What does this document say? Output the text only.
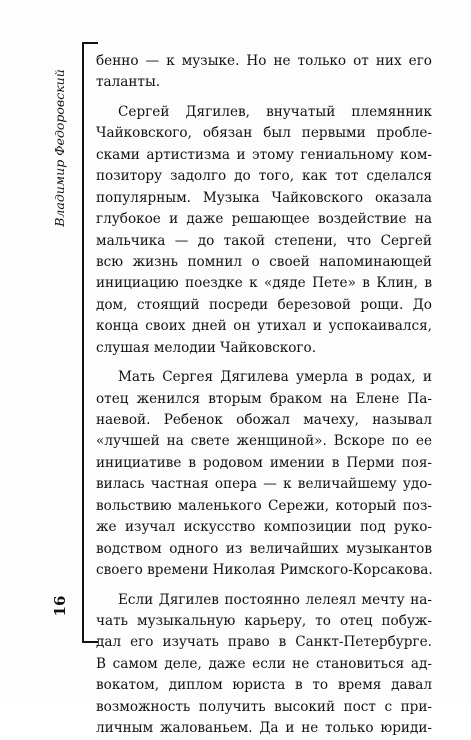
Владимир Федоровский
16
бенно — к музыке. Но не только от них его
таланты.
Сергей Дягилев, внучатый племянник
Чайковского, обязан был первыми пробле-
сками артистизма и этому гениальному ком-
позитору задолго до того, как тот сделался
популярным. Музыка Чайковского оказала
глубокое и даже решающее воздействие на
мальчика — до такой степени, что Сергей
всю жизнь помнил о своей напоминающей
инициацию поездке к «дяде Пете» в Клин, в
дом, стоящий посреди березовой рощи. До
конца своих дней он утихал и успокаивался,
слушая мелодии Чайковского.
Мать Сергея Дягилева умерла в родах, и
отец женился вторым браком на Елене Па-
наевой. Ребенок обожал мачеху, называл
«лучшей на свете женщиной». Вскоре по ее
инициативе в родовом имении в Перми поя-
вилась частная опера — к величайшему удо-
вольствию маленького Сережи, который поз-
же изучал искусство композиции под руко-
водством одного из величайших музыкантов
своего времени Николая Римского-Корсакова.
Если Дягилев постоянно лелеял мечту на-
чать музыкальную карьеру, то отец побуж-
дал его изучать право в Санкт-Петербурге.
В самом деле, даже если не становиться ад-
вокатом, диплом юриста в то время давал
возможность получить высокий пост с при-
личным жалованьем. Да и не только юриди-
